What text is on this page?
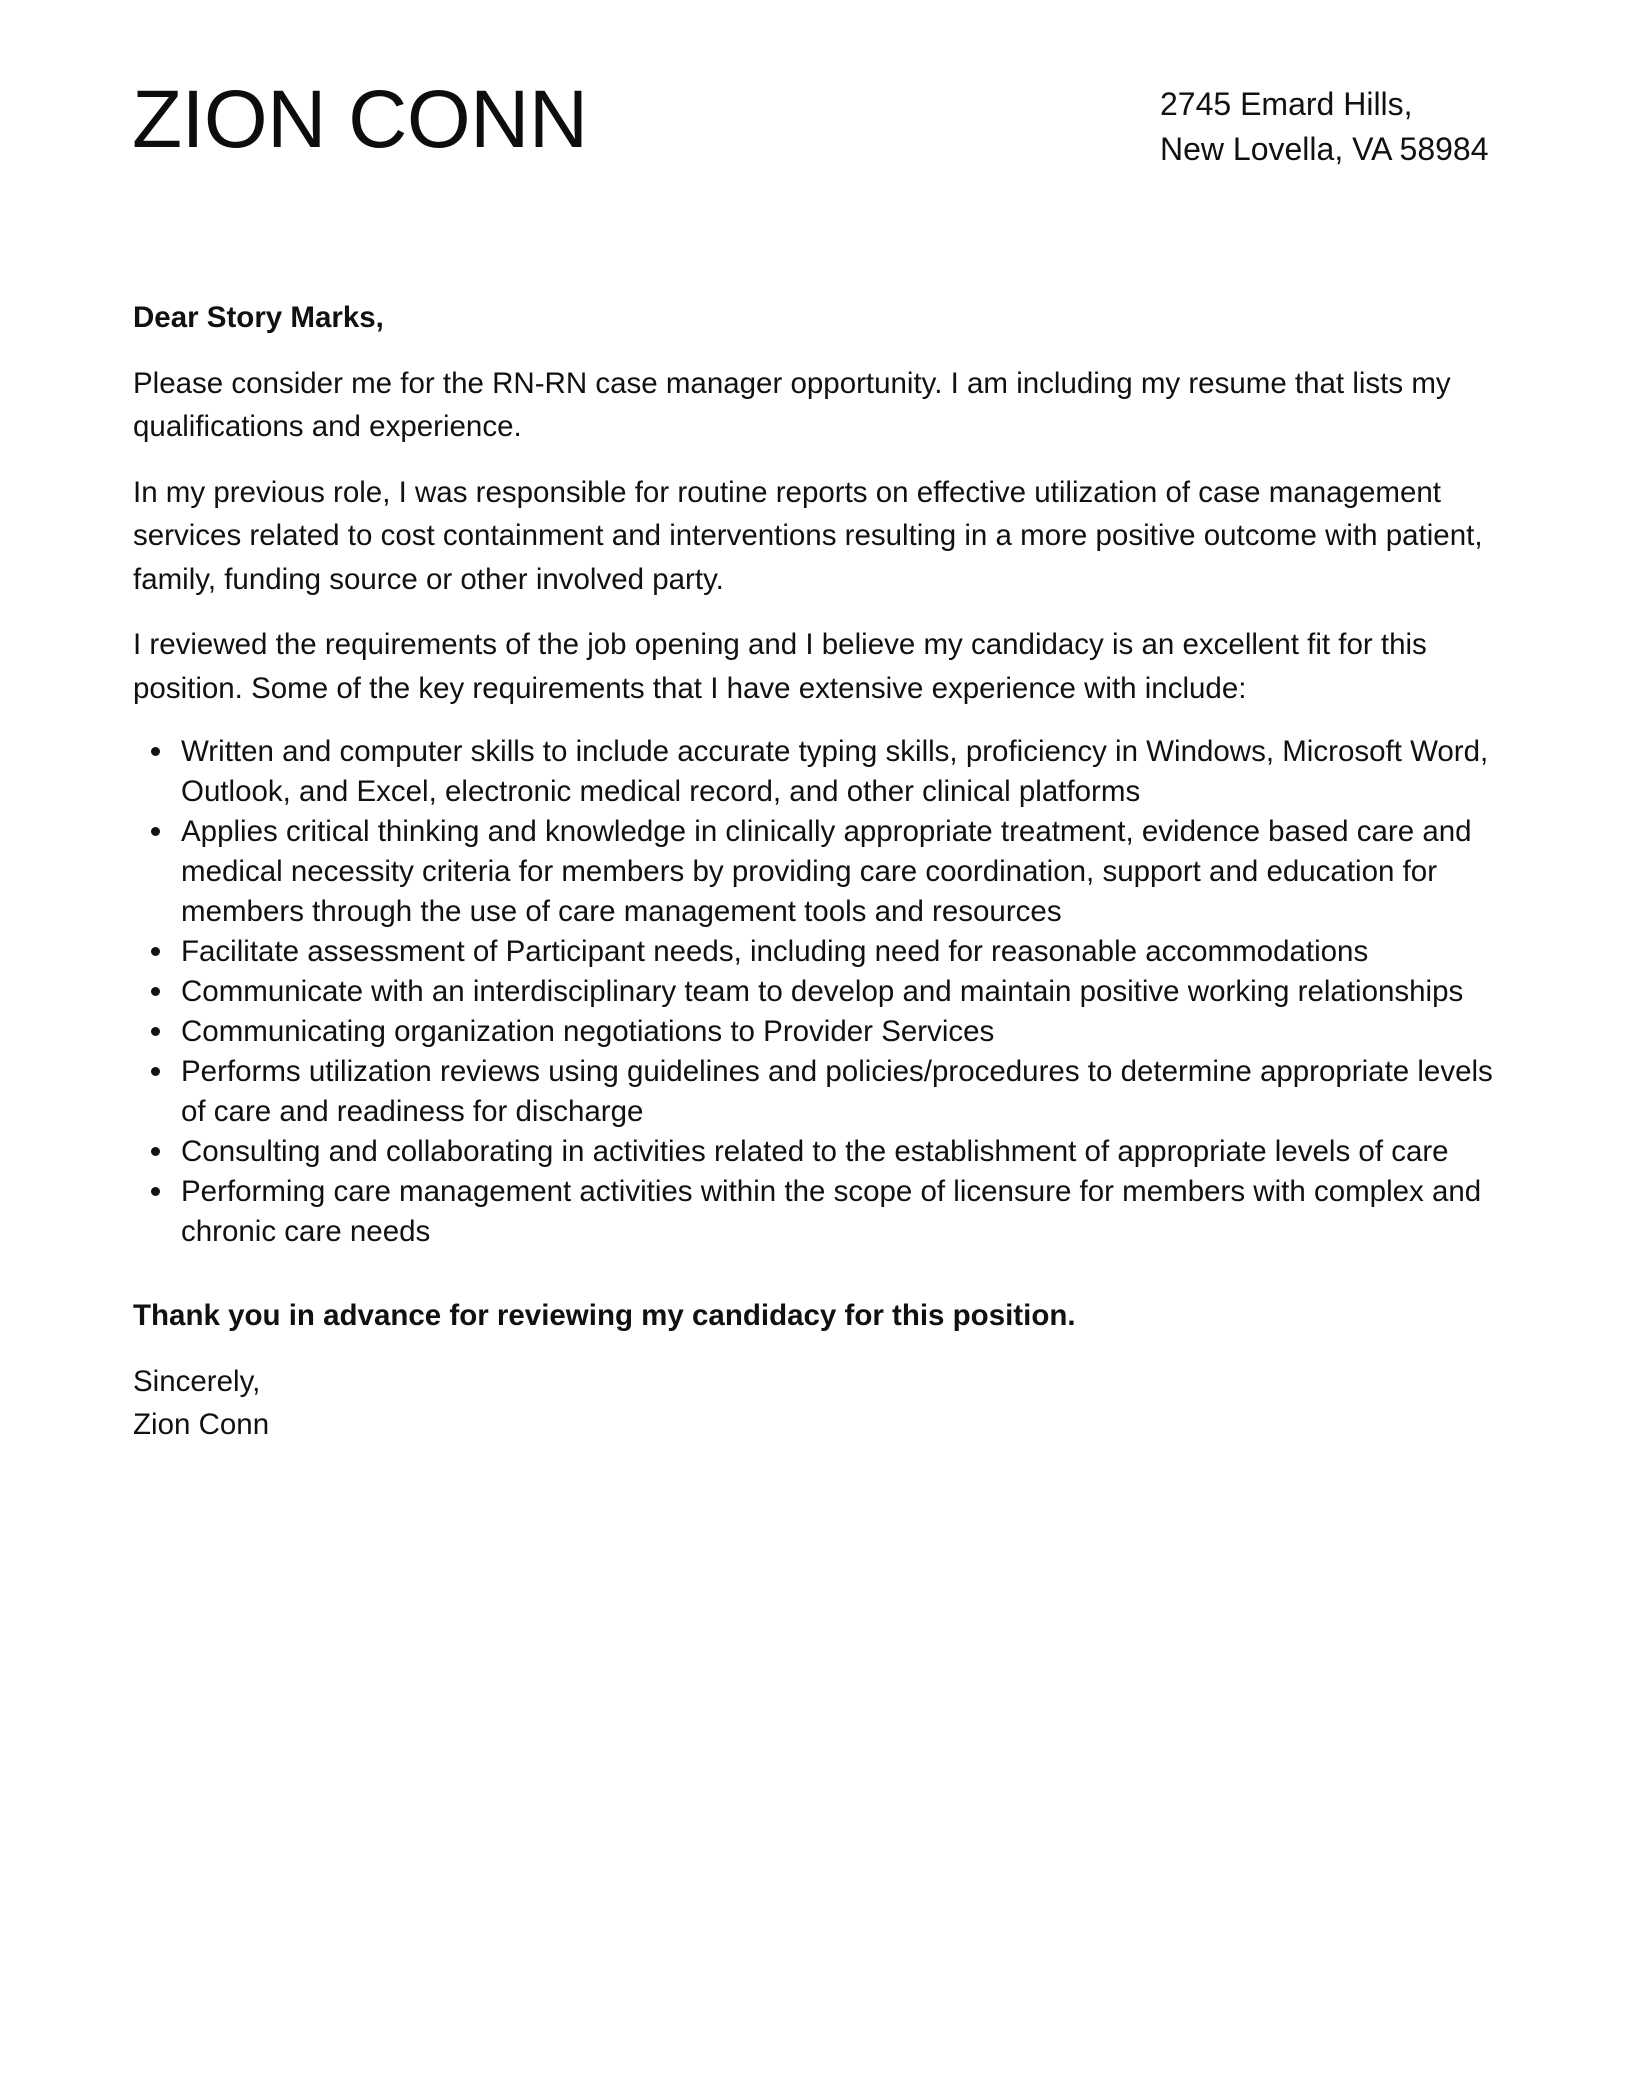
ZION CONN	2745 Emard Hills,
New Lovella, VA 58984

Dear Story Marks,

Please consider me for the RN-RN case manager opportunity. I am including my resume that lists my qualifications and experience.

In my previous role, I was responsible for routine reports on effective utilization of case management services related to cost containment and interventions resulting in a more positive outcome with patient, family, funding source or other involved party.

I reviewed the requirements of the job opening and I believe my candidacy is an excellent fit for this position. Some of the key requirements that I have extensive experience with include:

Written and computer skills to include accurate typing skills, proficiency in Windows, Microsoft Word, Outlook, and Excel, electronic medical record, and other clinical platforms
Applies critical thinking and knowledge in clinically appropriate treatment, evidence based care and medical necessity criteria for members by providing care coordination, support and education for members through the use of care management tools and resources
Facilitate assessment of Participant needs, including need for reasonable accommodations
Communicate with an interdisciplinary team to develop and maintain positive working relationships
Communicating organization negotiations to Provider Services
Performs utilization reviews using guidelines and policies/procedures to determine appropriate levels of care and readiness for discharge
Consulting and collaborating in activities related to the establishment of appropriate levels of care
Performing care management activities within the scope of licensure for members with complex and chronic care needs

Thank you in advance for reviewing my candidacy for this position.

Sincerely,
Zion Conn
